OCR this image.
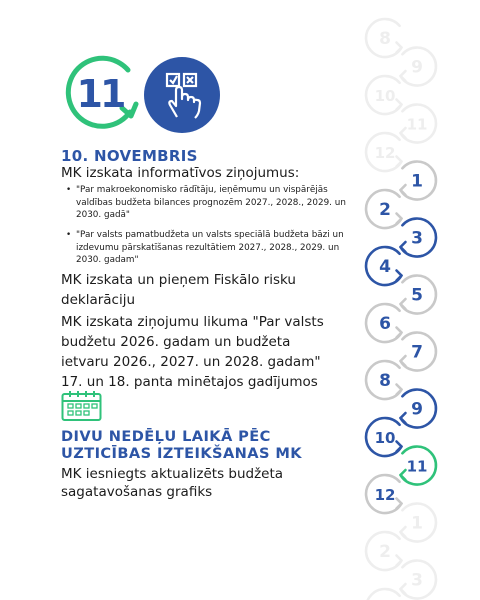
11
10. NOVEMBRIS
MK izskata informatīvos ziņojumus:
• "Par makroekonomisko rādītāju, ieņēmumu un vispārējās valdības budžeta bilances prognozēm 2027., 2028., 2029. un 2030. gadā"
• "Par valsts pamatbudžeta un valsts speciālā budžeta bāzi un izdevumu pārskatīšanas rezultātiem 2027., 2028., 2029. un 2030. gadam"
MK izskata un pieņem Fiskālo risku deklarāciju
MK izskata ziņojumu likuma "Par valsts budžetu 2026. gadam un budžeta ietvaru 2026., 2027. un 2028. gadam" 17. un 18. panta minētajos gadījumos
DIVU NEDĒĻU LAIKĀ PĒC UZTICĪBAS IZTEIKŠANAS MK
MK iesniegts aktualizēts budžeta sagatavošanas grafiks
8
9
10
11
12
1
2
3
4
5
6
7
8
9
10
11
12
1
2
3
